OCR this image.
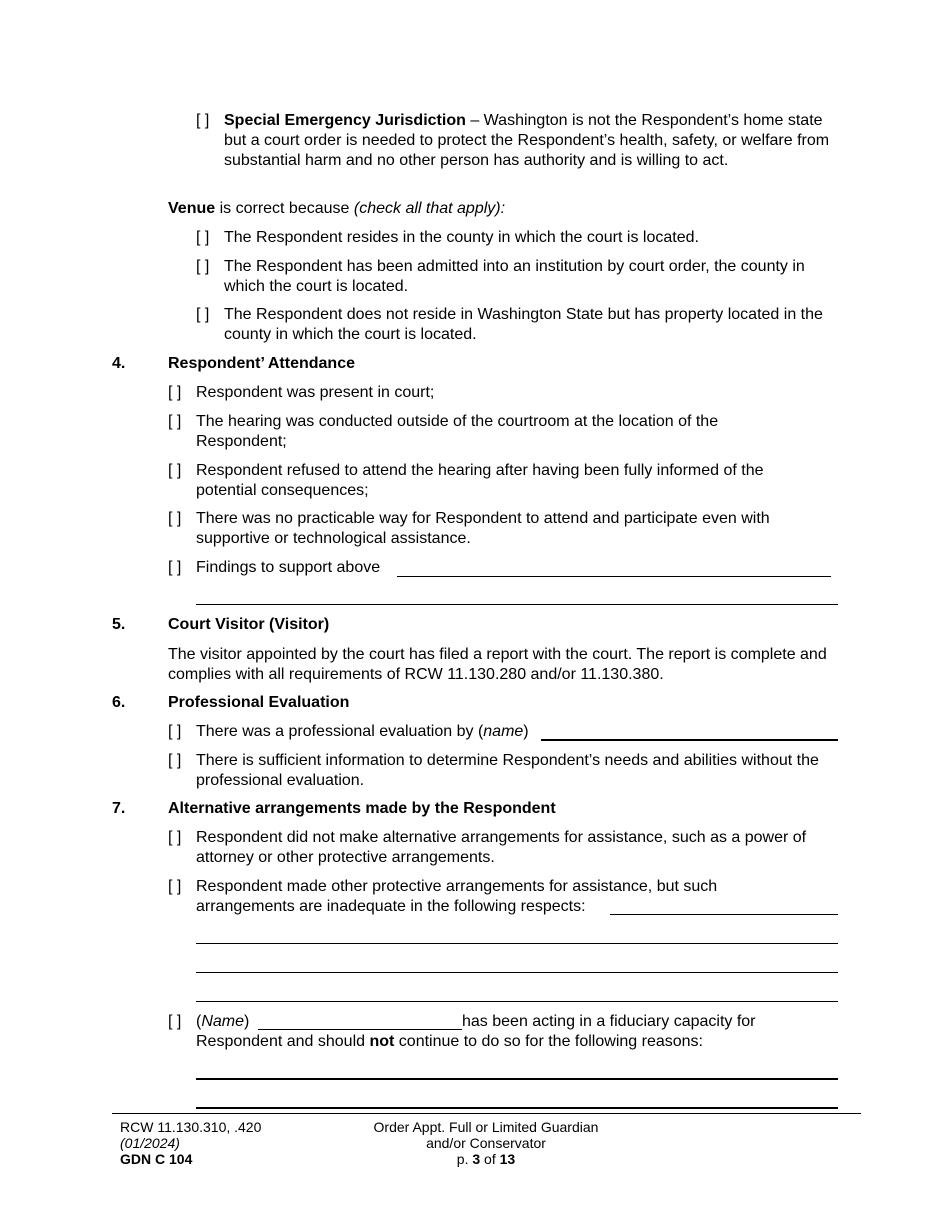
[ ] Special Emergency Jurisdiction – Washington is not the Respondent’s home state but a court order is needed to protect the Respondent’s health, safety, or welfare from substantial harm and no other person has authority and is willing to act.
Venue is correct because (check all that apply):
[ ] The Respondent resides in the county in which the court is located.
[ ] The Respondent has been admitted into an institution by court order, the county in which the court is located.
[ ] The Respondent does not reside in Washington State but has property located in the county in which the court is located.
4.	Respondent’ Attendance
[ ] Respondent was present in court;
[ ] The hearing was conducted outside of the courtroom at the location of the Respondent;
[ ] Respondent refused to attend the hearing after having been fully informed of the potential consequences;
[ ] There was no practicable way for Respondent to attend and participate even with supportive or technological assistance.
[ ] Findings to support above
5.	Court Visitor (Visitor)
The visitor appointed by the court has filed a report with the court. The report is complete and complies with all requirements of RCW 11.130.280 and/or 11.130.380.
6.	Professional Evaluation
[ ] There was a professional evaluation by (name)
[ ] There is sufficient information to determine Respondent’s needs and abilities without the professional evaluation.
7.	Alternative arrangements made by the Respondent
[ ] Respondent did not make alternative arrangements for assistance, such as a power of attorney or other protective arrangements.
[ ] Respondent made other protective arrangements for assistance, but such arrangements are inadequate in the following respects:
[ ] (Name)	has been acting in a fiduciary capacity for Respondent and should not continue to do so for the following reasons:
RCW 11.130.310, .420
(01/2024)
GDN C 104
Order Appt. Full or Limited Guardian
and/or Conservator
p. 3 of 13
